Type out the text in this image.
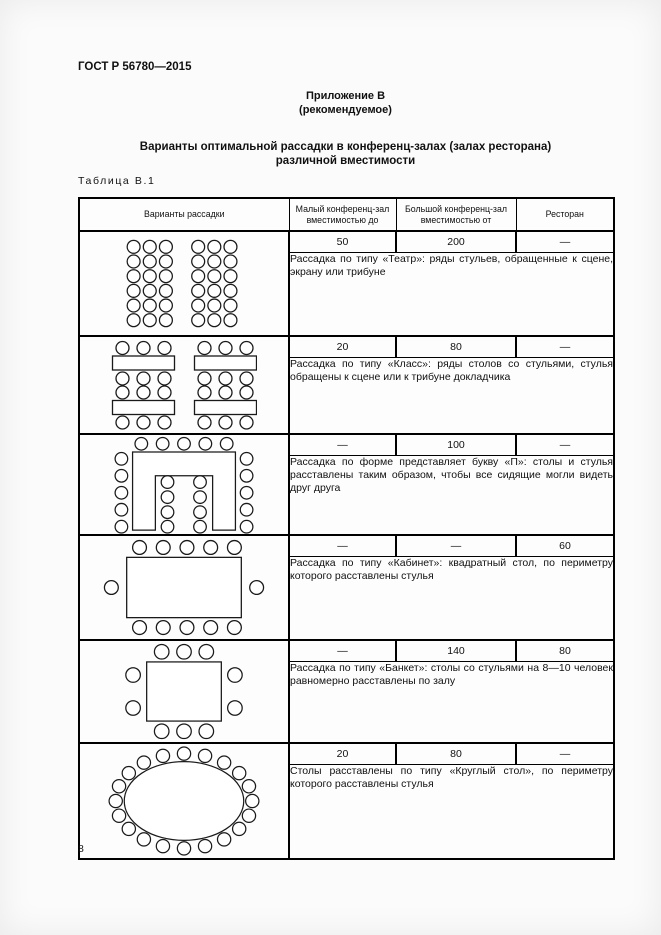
ГОСТ Р 56780—2015
Приложение В
(рекомендуемое)
Варианты оптимальной рассадки в конференц-залах (залах ресторана)
различной вместимости
Таблица В.1
Варианты рассадки	Малый конференц-зал вместимостью до	Большой конференц-зал вместимостью от	Ресторан

	50	200	—
	Рассадка по типу «Театр»: ряды стульев, обращенные к сцене, экрану или трибуне		

	20	80	—
	Рассадка по типу «Класс»: ряды столов со стульями, стулья обращены к сцене или к трибуне докладчика		

	—	100	—
	Рассадка по форме представляет букву «П»: столы и стулья расставлены таким образом, чтобы все сидящие могли видеть друг друга		

	—	—	60
	Рассадка по типу «Кабинет»: квадратный стол, по периметру которого расставлены стулья		

	—	140	80
	Рассадка по типу «Банкет»: столы со стульями на 8—10 человек равномерно расставлены по залу		

	20	80	—
	Столы расставлены по типу «Круглый стол», по периметру которого расставлены стулья		
8
